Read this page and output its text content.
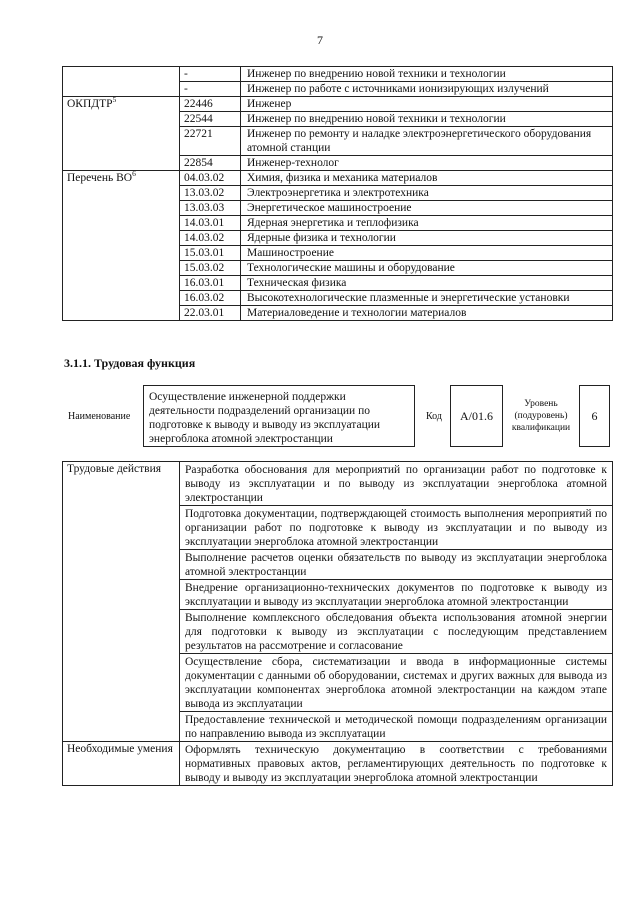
7
	-	Инженер по внедрению новой техники и технологии
	-	Инженер по работе с источниками ионизирующих излучений
ОКПДТР$^5$	22446	Инженер
	22544	Инженер по внедрению новой техники и технологии
	22721	Инженер по ремонту и наладке электроэнергетического оборудования атомной станции
	22854	Инженер-технолог
Перечень $ВО^6$	04.03.02	Химия, физика и механика материалов
	13.03.02	Электроэнергетика и электротехника
	13.03.03	Энергетическое машиностроение
	14.03.01	Ядерная энергетика и теплофизика
	14.03.02	Ядерные физика и технологии
	15.03.01	Машиностроение
	15.03.02	Технологические машины и оборудование
	16.03.01	Техническая физика
	16.03.02	Высокотехнологические плазменные и энергетические установки
	22.03.01	Материаловедение и технологии материалов
3.1.1. Трудовая функция
Наименование
Осуществление инженерной поддержки деятельности подразделений организации по подготовке к выводу и выводу из эксплуатации энергоблока атомной электростанции
Код	А/01.6
Уровень (подуровень) квалификации
6
Трудовые действия	Разработка обоснования для мероприятий по организации работ по подготовке к выводу из эксплуатации и по выводу из эксплуатации энергоблока атомной электростанции
	Подготовка документации, подтверждающей стоимость выполнения мероприятий по организации работ по подготовке к выводу из эксплуатации и по выводу из эксплуатации энергоблока атомной электростанции
	Выполнение расчетов оценки обязательств по выводу из эксплуатации энергоблока атомной электростанции
	Внедрение организационно-технических документов по подготовке к выводу из эксплуатации и выводу из эксплуатации энергоблока атомной электростанции
	Выполнение комплексного обследования объекта использования атомной энергии для подготовки к выводу из эксплуатации с последующим представлением результатов на рассмотрение и согласование
	Осуществление сбора, систематизации и ввода в информационные системы документации с данными об оборудовании, системах и других важных для вывода из эксплуатации компонентах энергоблока атомной электростанции на каждом этапе вывода из эксплуатации
	Предоставление технической и методической помощи подразделениям организации по направлению вывода из эксплуатации
Необходимые умения	Оформлять техническую документацию в соответствии с требованиями нормативных правовых актов, регламентирующих деятельность по подготовке к выводу и выводу из эксплуатации энергоблока атомной электростанции
